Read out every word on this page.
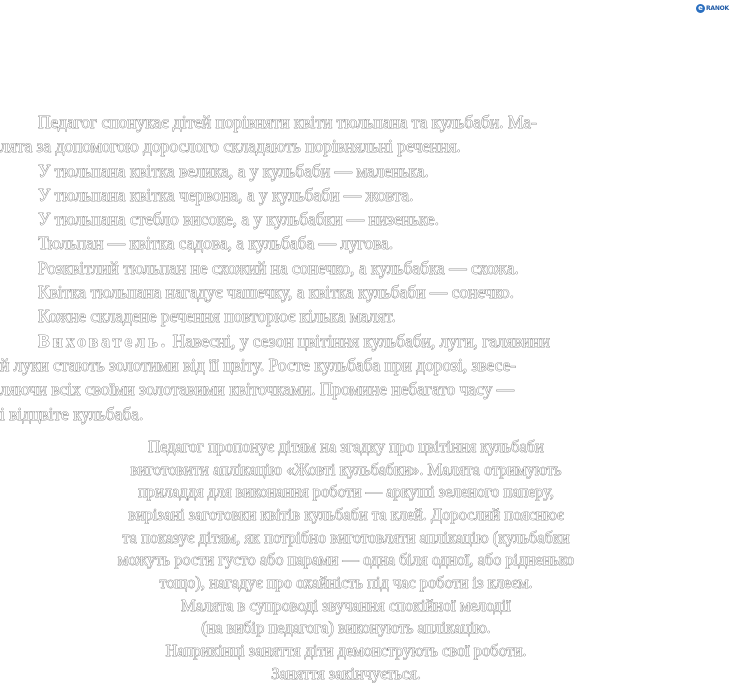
e RANOK

Педагог спонукає дітей порівняти квіти тюльпана та кульбаби. Ма-
лята за допомогою дорослого складають порівняльні речення.

У тюльпана квітка велика, а у кульбаби — маленька.
У тюльпана квітка червона, а у кульбаби — жовта.
У тюльпана стебло високе, а у кульбабки — низеньке.
Тюльпан — квітка садова, а кульбаба — лугова.
Розквітлий тюльпан не схожий на сонечко, а кульбабка — схожа.
Квітка тюльпана нагадує чашечку, а квітка кульбаби — сонечко.
Кожне складене речення повторює кілька малят.

Вихователь. Навесні, у сезон цвітіння кульбаби, луги, галявини
й луки стають золотими від її цвіту. Росте кульбаба при дорозі, звесе-
ляючи всіх своїми золотавими квіточками. Промине небагато часу —
і відцвіте кульбаба.

Педагог пропонує дітям на згадку про цвітіння кульбаби
виготовити аплікацію «Жовті кульбабки». Малята отримують
приладдя для виконання роботи — аркуші зеленого паперу,
вирізані заготовки квітів кульбаби та клей. Дорослий пояснює
та показує дітям, як потрібно виготовляти аплікацію (кульбабки
можуть рости густо або парами — одна біля одної, або рідненько
тощо), нагадує про охайність під час роботи із клеєм.
Малята в супроводі звучання спокійної мелодії
(на вибір педагога) виконують аплікацію.
Наприкінці заняття діти демонструють свої роботи.
Заняття закінчується.
